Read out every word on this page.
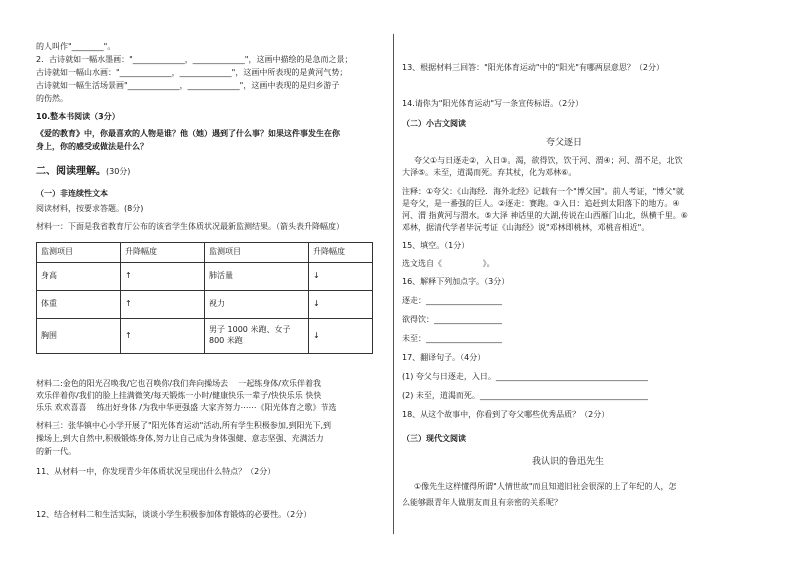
的人叫作"________"。
2．古诗就如一幅水墨画："_____________，_____________"，这画中描绘的是急而之景；
古诗就如一幅山水画："_____________，_____________"，这画中所表现的是黄河气势；
古诗就如一幅生活场景画"_____________，_____________"，这画中表现的是归乡游子
的伤然。
10.整本书阅读（3分）
《爱的教育》中，你最喜欢的人物是谁？他（她）遇到了什么事？如果这件事发生在你
身上，你的感受或做法是什么？
二、阅读理解。(30分)
（一）非连续性文本
阅读材料，按要求答题。(8分)
材料一：下面是我省教育厅公布的该省学生体质状况最新监测结果。（箭头表升降幅度）
监测项目	升降幅度	监测项目	升降幅度
身高	↑	肺活量	↓
体重	↑	视力	↓
胸围	↑	男子 1000 米跑、女子
800 米跑	↓
材料二:金色的阳光召唤我/它也召唤你/我们奔向操场去    一起练身体/欢乐伴着我
欢乐伴着你/我们的脸上挂满微笑/每天锻炼一小时/健康快乐一辈子/快快乐乐 快快
乐乐 欢欢喜喜    练出好身体 /为我中华更强盛 大家齐努力⋯⋯《阳光体育之歌》节选
材料三：张华镇中心小学开展了"阳光体育运动"活动,所有学生积极参加,到阳光下,到
操场上,到大自然中,积极锻炼身体,努力让自己成为身体强健、意志坚强、充满活力
的新一代。
11、从材料一中，你发现青少年体质状况呈现出什么特点？（2分）
12、结合材料二和生活实际，谈谈小学生积极参加体育锻炼的必要性。（2分）
13、根据材料三回答："阳光体育运动"中的"阳光"有哪两层意思？（2分）
14.请你为"阳光体育运动"写一条宣传标语。（2分）
（二）小古文阅读
夸父逐日
夸父①与日逐走②，入日③。渴，欲得饮，饮于河、渭④；河、渭不足，北饮
大泽⑤。未至，道渴而死。弃其杖，化为邓林⑥。
注释：①夸父：《山海经．海外北经》记载有一个"博父国"。前人考证，"博父"就
是夸父，是一番强的巨人。②逐走：赛跑。③入日：追赶到太阳落下的地方。④
河、渭 指黄河与渭水。⑤大泽 神话里的大湖,传说在山西雁门山北，纵横千里。⑥
邓林，据清代学者毕沅考证《山海经》说"邓林即桃林，邓桃音相近"。
15、填空。（1分）
选文选自《                》。
16、解释下列加点字。（3分）
逐走：___________________
欲得饮：_________________
未至：___________________
17、翻译句子。（4分）
(1) 夸父与日逐走，入日。______________________________________
(2) 未至，道渴而死。__________________________________________
18、从这个故事中，你看到了夸父哪些优秀品质？（2分）
（三）现代文阅读
我认识的鲁迅先生
①像先生这样懂得所谓"人情世故"而且知道旧社会很深的上了年纪的人，怎
么能够跟青年人做朋友而且有亲密的关系呢？
